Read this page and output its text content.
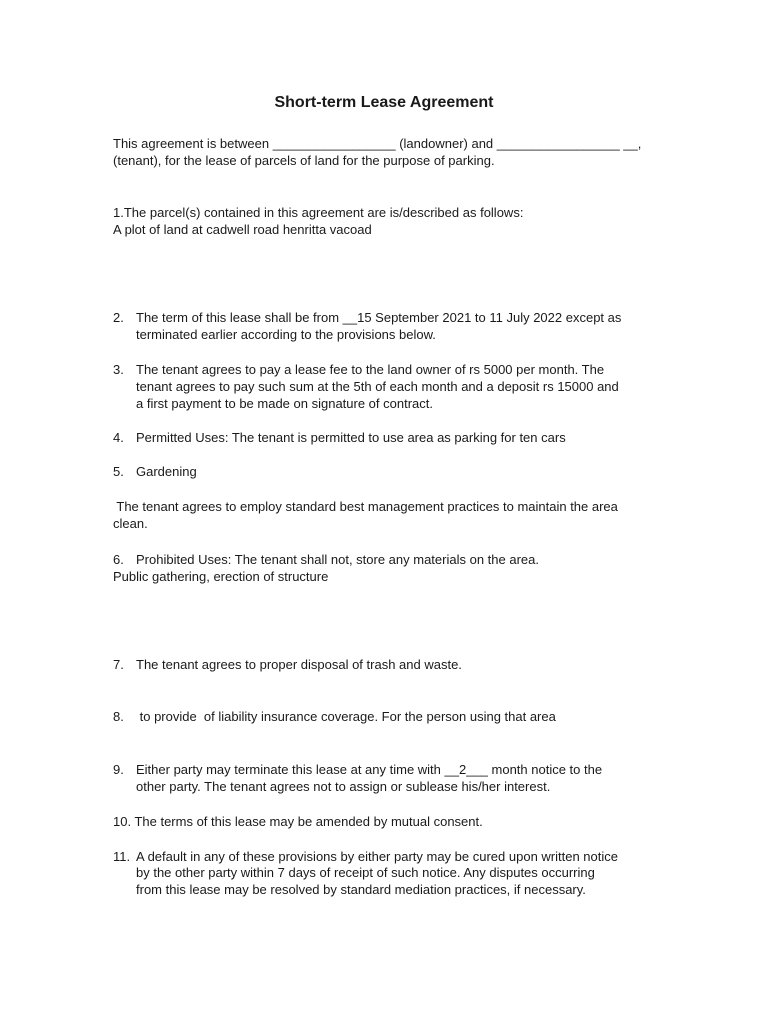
Short-term Lease Agreement
This agreement is between _________________ (landowner) and _________________ __,
(tenant), for the lease of parcels of land for the purpose of parking.
1.The parcel(s) contained in this agreement are is/described as follows:
A plot of land at cadwell road henritta vacoad
2. The term of this lease shall be from __15 September 2021 to 11 July 2022 except as
terminated earlier according to the provisions below.
3. The tenant agrees to pay a lease fee to the land owner of rs 5000 per month. The
tenant agrees to pay such sum at the 5th of each month and a deposit rs 15000 and
a first payment to be made on signature of contract.
4. Permitted Uses: The tenant is permitted to use area as parking for ten cars
5. Gardening
The tenant agrees to employ standard best management practices to maintain the area
clean.
6. Prohibited Uses: The tenant shall not, store any materials on the area.
Public gathering, erection of structure
7. The tenant agrees to proper disposal of trash and waste.
8. to provide  of liability insurance coverage. For the person using that area
9. Either party may terminate this lease at any time with __2___ month notice to the
other party. The tenant agrees not to assign or sublease his/her interest.
10. The terms of this lease may be amended by mutual consent.
11. A default in any of these provisions by either party may be cured upon written notice
by the other party within 7 days of receipt of such notice. Any disputes occurring
from this lease may be resolved by standard mediation practices, if necessary.
